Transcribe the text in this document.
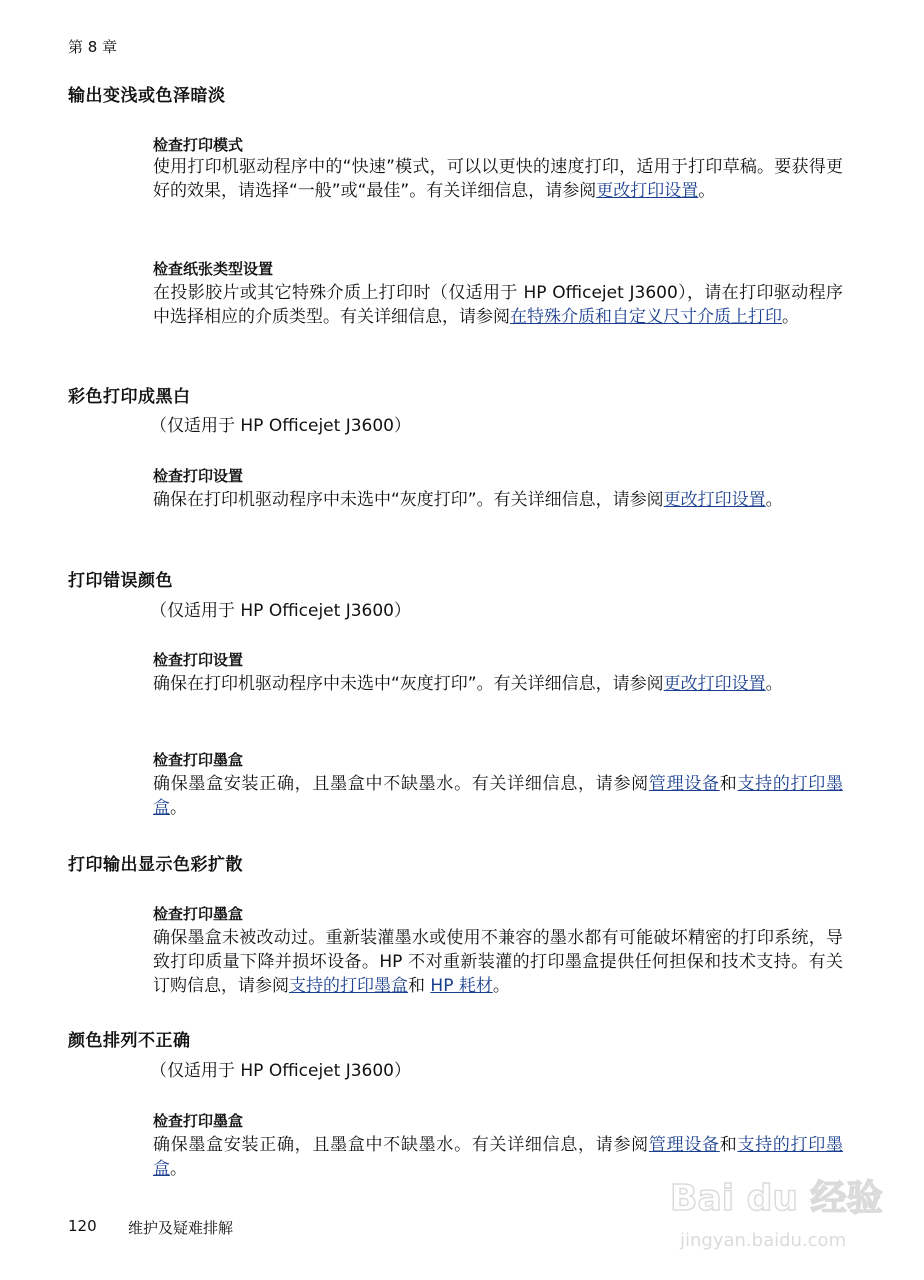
第 8 章
输出变浅或色泽暗淡
检查打印模式

使用打印机驱动程序中的“快速”模式，可以以更快的速度打印，适用于打印草稿。要获得更好的效果，请选择“一般”或“最佳”。有关详细信息，请参阅更改打印设置。

检查纸张类型设置

在投影胶片或其它特殊介质上打印时（仅适用于 HP Officejet J3600），请在打印驱动程序中选择相应的介质类型。有关详细信息，请参阅在特殊介质和自定义尺寸介质上打印。

彩色打印成黑白
（仅适用于 HP Officejet J3600）
检查打印设置

确保在打印机驱动程序中未选中“灰度打印”。有关详细信息，请参阅更改打印设置。

打印错误颜色
（仅适用于 HP Officejet J3600）
检查打印设置

确保在打印机驱动程序中未选中“灰度打印”。有关详细信息，请参阅更改打印设置。

检查打印墨盒

确保墨盒安装正确，且墨盒中不缺墨水。有关详细信息，请参阅管理设备和支持的打印墨盒。

打印输出显示色彩扩散
检查打印墨盒

确保墨盒未被改动过。重新装灌墨水或使用不兼容的墨水都有可能破坏精密的打印系统，导致打印质量下降并损坏设备。HP 不对重新装灌的打印墨盒提供任何担保和技术支持。有关订购信息，请参阅支持的打印墨盒和 HP 耗材。

颜色排列不正确
（仅适用于 HP Officejet J3600）
检查打印墨盒

确保墨盒安装正确，且墨盒中不缺墨水。有关详细信息，请参阅管理设备和支持的打印墨盒。

120 维护及疑难排解
Bai du 经验
jingyan.baidu.com
